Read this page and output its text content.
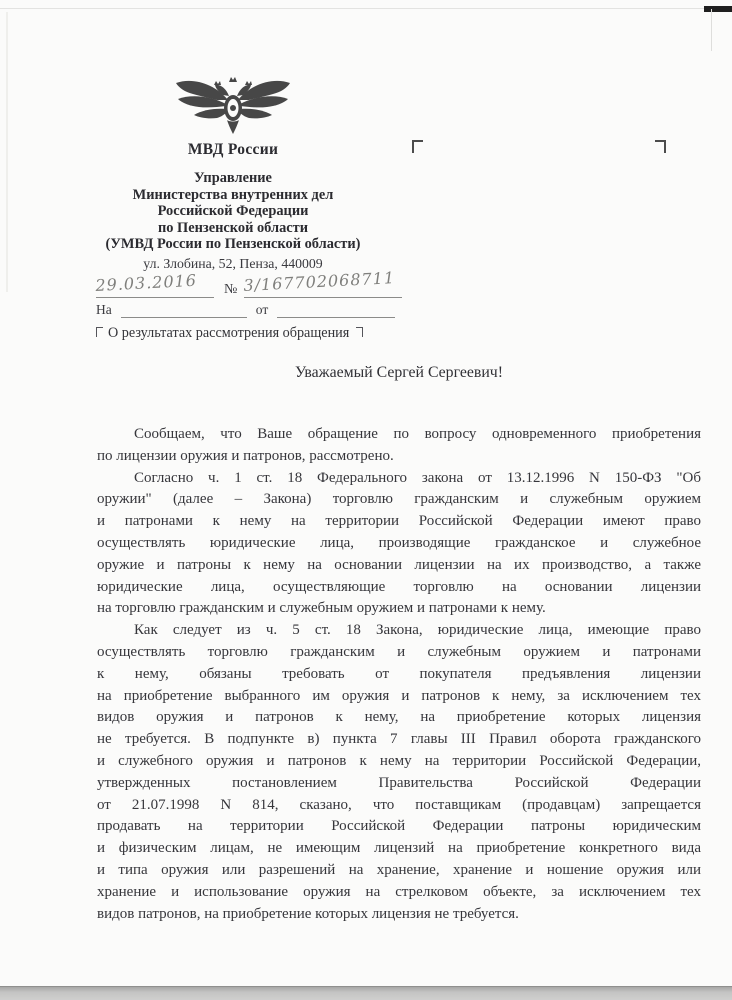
МВД России
Управление
Министерства внутренних дел
Российской Федерации
по Пензенской области
(УМВД России по Пензенской области)
ул. Злобина, 52, Пенза, 440009
29.03.2016	№ 3/167702068711
На	от
О результатах рассмотрения обращения
Уважаемый Сергей Сергеевич!
Сообщаем, что Ваше обращение по вопросу одновременного приобретения
по лицензии оружия и патронов, рассмотрено.
Согласно ч. 1 ст. 18 Федерального закона от 13.12.1996 N 150-ФЗ "Об
оружии" (далее – Закона) торговлю гражданским и служебным оружием
и патронами к нему на территории Российской Федерации имеют право
осуществлять юридические лица, производящие гражданское и служебное
оружие и патроны к нему на основании лицензии на их производство, а также
юридические лица, осуществляющие торговлю на основании лицензии
на торговлю гражданским и служебным оружием и патронами к нему.
Как следует из ч. 5 ст. 18 Закона, юридические лица, имеющие право
осуществлять торговлю гражданским и служебным оружием и патронами
к нему, обязаны требовать от покупателя предъявления лицензии
на приобретение выбранного им оружия и патронов к нему, за исключением тех
видов оружия и патронов к нему, на приобретение которых лицензия
не требуется. В подпункте в) пункта 7 главы III Правил оборота гражданского
и служебного оружия и патронов к нему на территории Российской Федерации,
утвержденных постановлением Правительства Российской Федерации
от 21.07.1998 N 814, сказано, что поставщикам (продавцам) запрещается
продавать на территории Российской Федерации патроны юридическим
и физическим лицам, не имеющим лицензий на приобретение конкретного вида
и типа оружия или разрешений на хранение, хранение и ношение оружия или
хранение и использование оружия на стрелковом объекте, за исключением тех
видов патронов, на приобретение которых лицензия не требуется.
